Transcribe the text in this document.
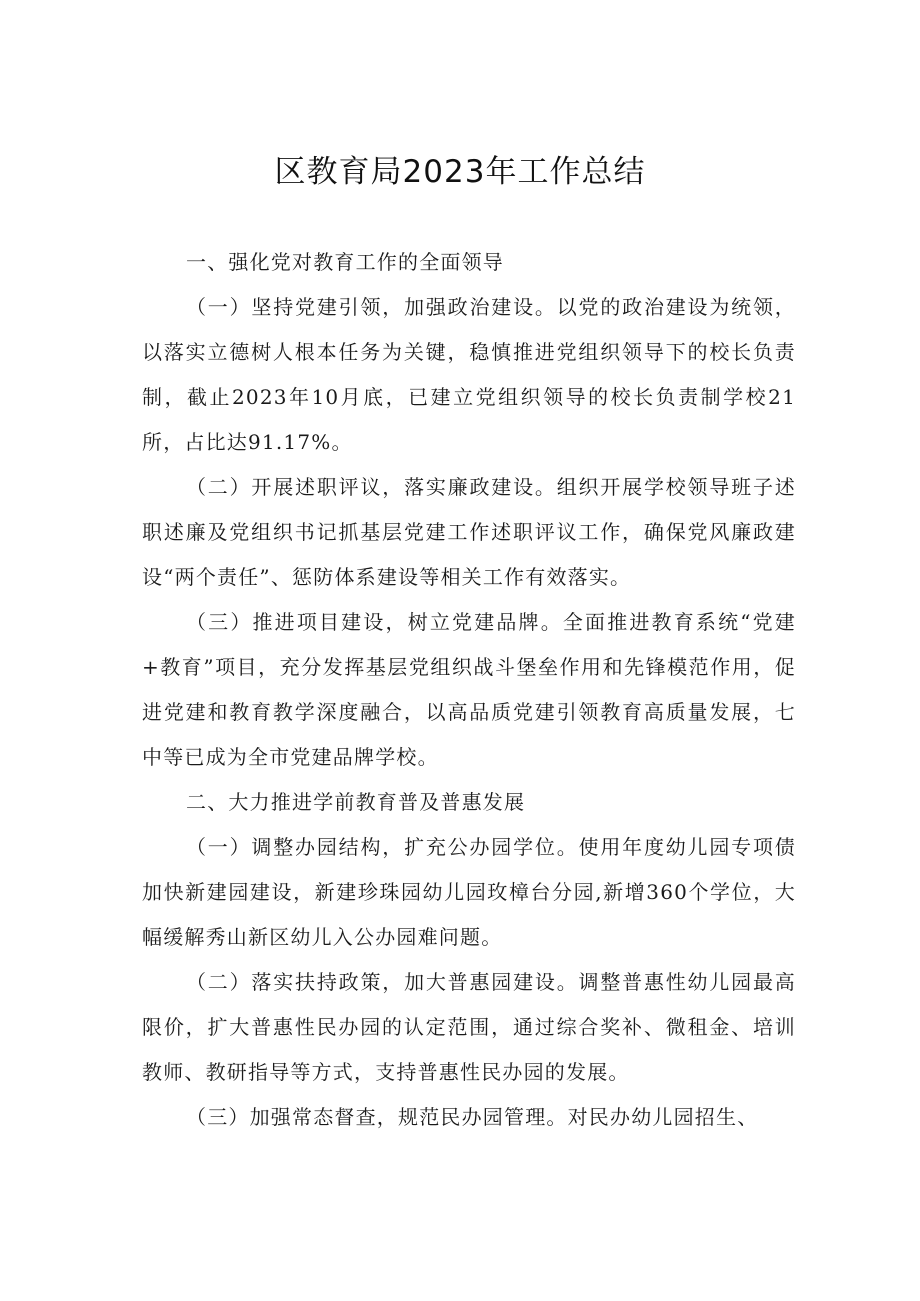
区教育局2023年工作总结

一、强化党对教育工作的全面领导

（一）坚持党建引领，加强政治建设。以党的政治建设为统领，以落实立德树人根本任务为关键，稳慎推进党组织领导下的校长负责制，截止2023年10月底，已建立党组织领导的校长负责制学校21所，占比达91.17%。

（二）开展述职评议，落实廉政建设。组织开展学校领导班子述职述廉及党组织书记抓基层党建工作述职评议工作，确保党风廉政建设“两个责任”、惩防体系建设等相关工作有效落实。

（三）推进项目建设，树立党建品牌。全面推进教育系统“党建+教育”项目，充分发挥基层党组织战斗堡垒作用和先锋模范作用，促进党建和教育教学深度融合，以高品质党建引领教育高质量发展，七中等已成为全市党建品牌学校。

二、大力推进学前教育普及普惠发展

（一）调整办园结构，扩充公办园学位。使用年度幼儿园专项债加快新建园建设，新建珍珠园幼儿园玫樟台分园,新增360个学位，大幅缓解秀山新区幼儿入公办园难问题。

（二）落实扶持政策，加大普惠园建设。调整普惠性幼儿园最高限价，扩大普惠性民办园的认定范围，通过综合奖补、微租金、培训教师、教研指导等方式，支持普惠性民办园的发展。

（三）加强常态督查，规范民办园管理。对民办幼儿园招生、
